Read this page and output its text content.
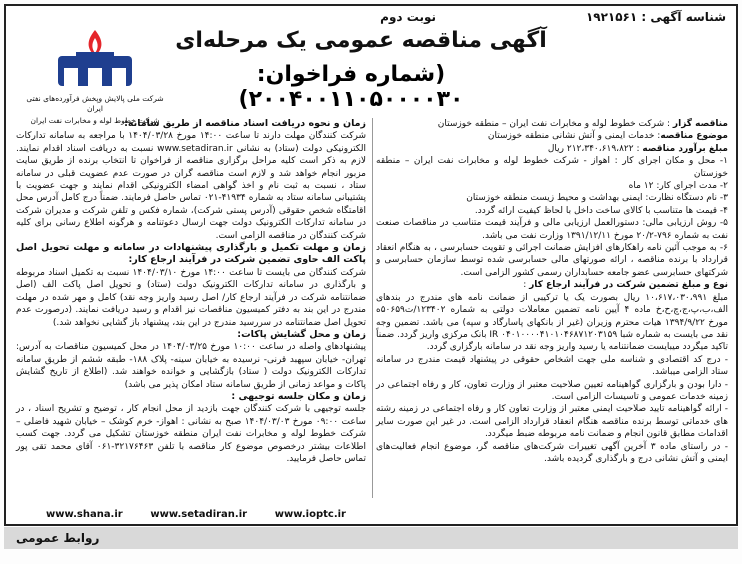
شناسه آگهی : ۱۹۲۱۵۶۱
نوبت دوم
آگهی مناقصه عمومی یک مرحله‌ای
(شماره فراخوان: ۲۰۰۴۰۰۱۱۰۵۰۰۰۰۳۰)
شرکت ملی پالایش وپخش فرآورده‌های نفتی ایران
شرکت خطوط لوله و مخابرات نفت ایران	مناقصه گزار : شرکت خطوط لوله و مخابرات نفت ایران – منطقه خوزستان

موضوع مناقصه: خدمات ایمنی و آتش نشانی منطقه خوزستان

مبلغ برآورد مناقصه : ۲۱۲،۳۴۰،۶۱۹،۸۲۲ ریال

۱- محل و مکان اجرای کار : اهواز - شرکت خطوط لوله و مخابرات نفت ایران – منطقه خوزستان

۲- مدت اجرای کار: ۱۲ ماه

۳- نام دستگاه نظارت: ایمنی بهداشت و محیط زیست منطقه خوزستان

۴- قیمت ها متناسب با کالای ساخت داخل با لحاظ کیفیت ارائه گردد.

۵- روش ارزیابی مالی: دستورالعمل ارزیابی مالی و فرآیند قیمت متناسب در مناقصات صنعت نفت به شماره ۷۹۶-۲۰/۲ مورخ ۱۳۹۱/۱۲/۱۱ وزارت نفت می باشد.

۶- به موجب آئین نامه راهکارهای افزایش ضمانت اجرائی و تقویت حسابرسی ، به هنگام انعقاد قرارداد با برنده مناقصه ، ارائه صورتهای مالی حسابرسی شده توسط سازمان حسابرسی و شرکتهای حسابرسی عضو جامعه حسابداران رسمی کشور الزامی است.

نوع و مبلغ تضمین شرکت در فرآیند ارجاع کار :

مبلغ ۱۰،۶۱۷،۰۳۰،۹۹۱ ریال بصورت یک یا ترکیبی از ضمانت نامه های مندرج در بندهای الف،ب،پ،ج،چ،ح،خ ماده ۴ آیین نامه تضمین معاملات دولتی به شماره ۱۲۳۴۰۲/ت۵۰۶۵۹ه مورخ ۱۳۹۴/۹/۲۲ هیات محترم وزیران (غیر از بانکهای پاسارگاد و سپه) می باشد. تضمین وجه نقد می بایست به شماره شبا IR ۰۴۰۱۰۰۰۰۴۱۰۱۰۴۶۸۷۱۲۰۳۱۵۹ بانک مرکزی واریز گردد. ضمناً تاکید میگردد میبایست ضمانتنامه یا رسید واریز وجه نقد در سامانه بارگزاری گردد.

- درج کد اقتصادی و شناسه ملی جهت اشخاص حقوقی در پیشنهاد قیمت مندرج در سامانه ستاد الزامی میباشد.

- دارا بودن و بارگزاری گواهینامه تعیین صلاحیت معتبر از وزارت تعاون، کار و رفاه اجتماعی در زمینه خدمات عمومی و تاسیسات الزامی است.

- ارائه گواهینامه تایید صلاحیت ایمنی معتبر از وزارت تعاون کار و رفاه اجتماعی در زمینه رشته های خدماتی توسط برنده مناقصه هنگام انعقاد قرارداد الزامی است. در غیر این صورت سایر اقدامات مطابق قانون انجام و ضمانت نامه مربوطه ضبط میگردد.

- در راستای ماده ۳ آخرین آگهی تغییرات شرکت‌های مناقصه گر، موضوع انجام فعالیت‌های ایمنی و آتش نشانی درج و بارگذاری گردیده باشد.

زمان و نحوه دریافت اسناد مناقصه از طریق سامانه:

شرکت کنندگان مهلت دارند تا ساعت ۱۴:۰۰ مورخ ۱۴۰۴/۰۳/۲۸ با مراجعه به سامانه تدارکات الکترونیکی دولت (ستاد) به نشانی www.setadiran.ir نسبت به دریافت اسناد اقدام نمایند. لازم به ذکر است کلیه مراحل برگزاری مناقصه از فراخوان تا انتخاب برنده از طریق سایت مزبور انجام خواهد شد و لازم است مناقصه گران در صورت عدم عضویت قبلی در سامانه ستاد ، نسبت به ثبت نام و اخذ گواهی امضاء الکترونیکی اقدام نمایند و جهت عضویت با پشتیبانی سامانه ستاد به شماره ۴۱۹۳۴-۰۲۱ تماس حاصل فرمایند. ضمناً درج کامل آدرس محل اقامتگاه شخص حقوقی (آدرس پستی شرکت)، شماره فکس و تلفن شرکت و مدیران شرکت در سامانه تدارکات الکترونیک دولت جهت ارسال دعوتنامه و هرگونه اطلاع رسانی برای کلیه شرکت کنندگان در مناقصه الزامی است.

زمان و مهلت تکمیل و بارگذاری پیشنهادات در سامانه و مهلت تحویل اصل پاکت الف حاوی تضمین شرکت در فرآیند ارجاع کار:

شرکت کنندگان می بایست تا ساعت ۱۴:۰۰ مورخ ۱۴۰۴/۰۳/۱۰ نسبت به تکمیل اسناد مربوطه و بارگذاری در سامانه تدارکات الکترونیک دولت (ستاد) و تحویل اصل پاکت الف (اصل ضمانتنامه شرکت در فرآیند ارجاع کار/ اصل رسید واریز وجه نقد) کامل و مهر شده در مهلت مندرج در این بند به دفتر کمیسیون مناقصات نیز اقدام و رسید دریافت نمایند. (درصورت عدم تحویل اصل ضمانتنامه در سررسید مندرج در این بند، پیشنهاد باز گشایی نخواهد شد.)

زمان و محل گشایش پاکات:

پیشنهادهای واصله در ساعت ۱۰:۰۰ مورخ ۱۴۰۴/۰۳/۲۵ در محل کمیسیون مناقصات به آدرس: تهران- خیابان سپهبد قرنی- نرسیده به خیابان سینه- پلاک ۱۸۸- طبقه ششم از طریق سامانه تدارکات الکترونیک دولت ( ستاد) بازگشایی و خوانده خواهند شد. (اطلاع از تاریخ گشایش پاکات و مواعد زمانی از طریق سامانه ستاد امکان پذیر می باشد)

زمان و مکان جلسه توجیهی :

جلسه توجیهی با شرکت کنندگان جهت بازدید از محل انجام کار ، توضیح و تشریح اسناد ، در ساعت ۰۹:۰۰ مورخ ۱۴۰۴/۰۳/۰۳ صبح به نشانی : اهواز- خرم کوشک – خیابان شهید فاضلی – شرکت خطوط لوله و مخابرات نفت ایران منطقه خوزستان تشکیل می گردد. جهت کسب اطلاعات بیشتر درخصوص موضوع کار مناقصه با تلفن ۳۲۱۷۶۴۶۳-۰۶۱ آقای محمد تقی پور تماس حاصل فرمایید.

www.shana.ir	www.setadiran.ir	www.ioptc.ir
روابط عمومی
